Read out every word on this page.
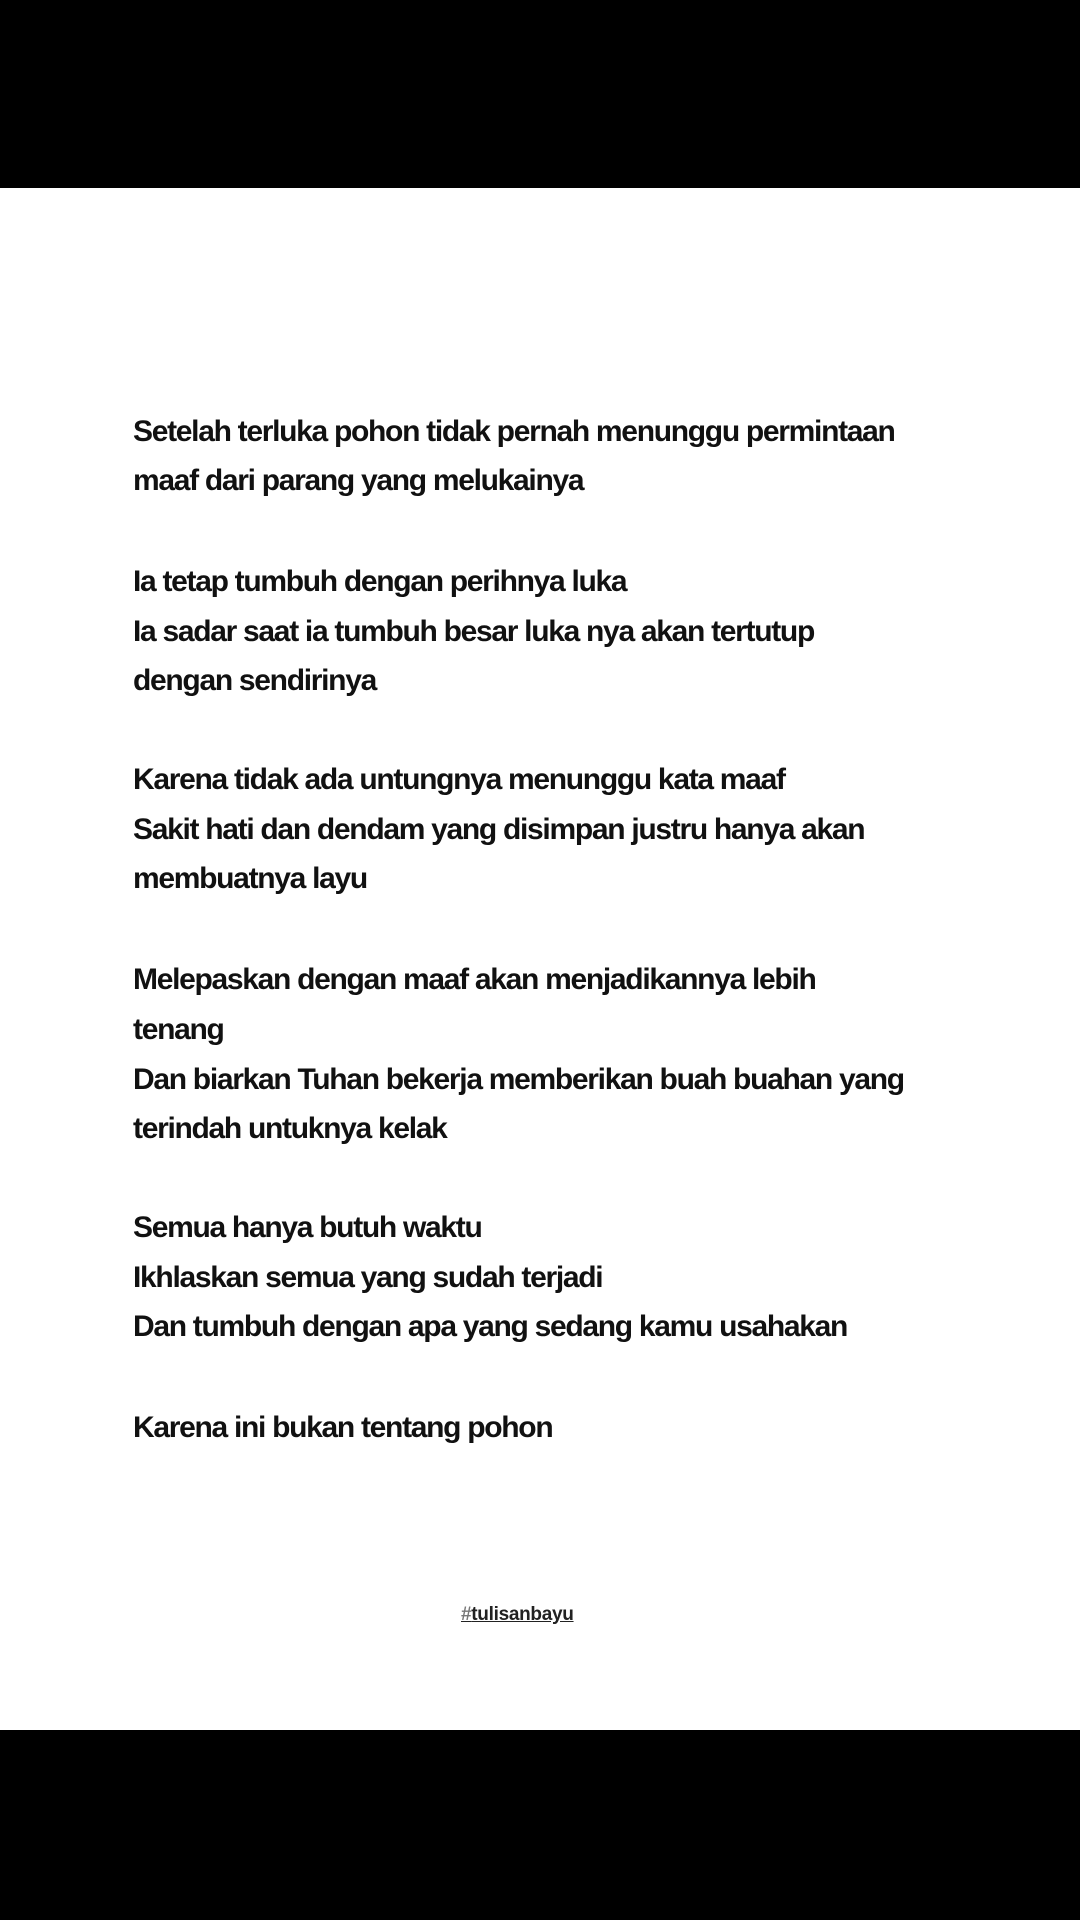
Setelah terluka pohon tidak pernah menunggu permintaan
maaf dari parang yang melukainya
Ia tetap tumbuh dengan perihnya luka
Ia sadar saat ia tumbuh besar luka nya akan tertutup
dengan sendirinya
Karena tidak ada untungnya menunggu kata maaf
Sakit hati dan dendam yang disimpan justru hanya akan
membuatnya layu
Melepaskan dengan maaf akan menjadikannya lebih
tenang
Dan biarkan Tuhan bekerja memberikan buah buahan yang
terindah untuknya kelak
Semua hanya butuh waktu
Ikhlaskan semua yang sudah terjadi
Dan tumbuh dengan apa yang sedang kamu usahakan
Karena ini bukan tentang pohon
#tulisanbayu
